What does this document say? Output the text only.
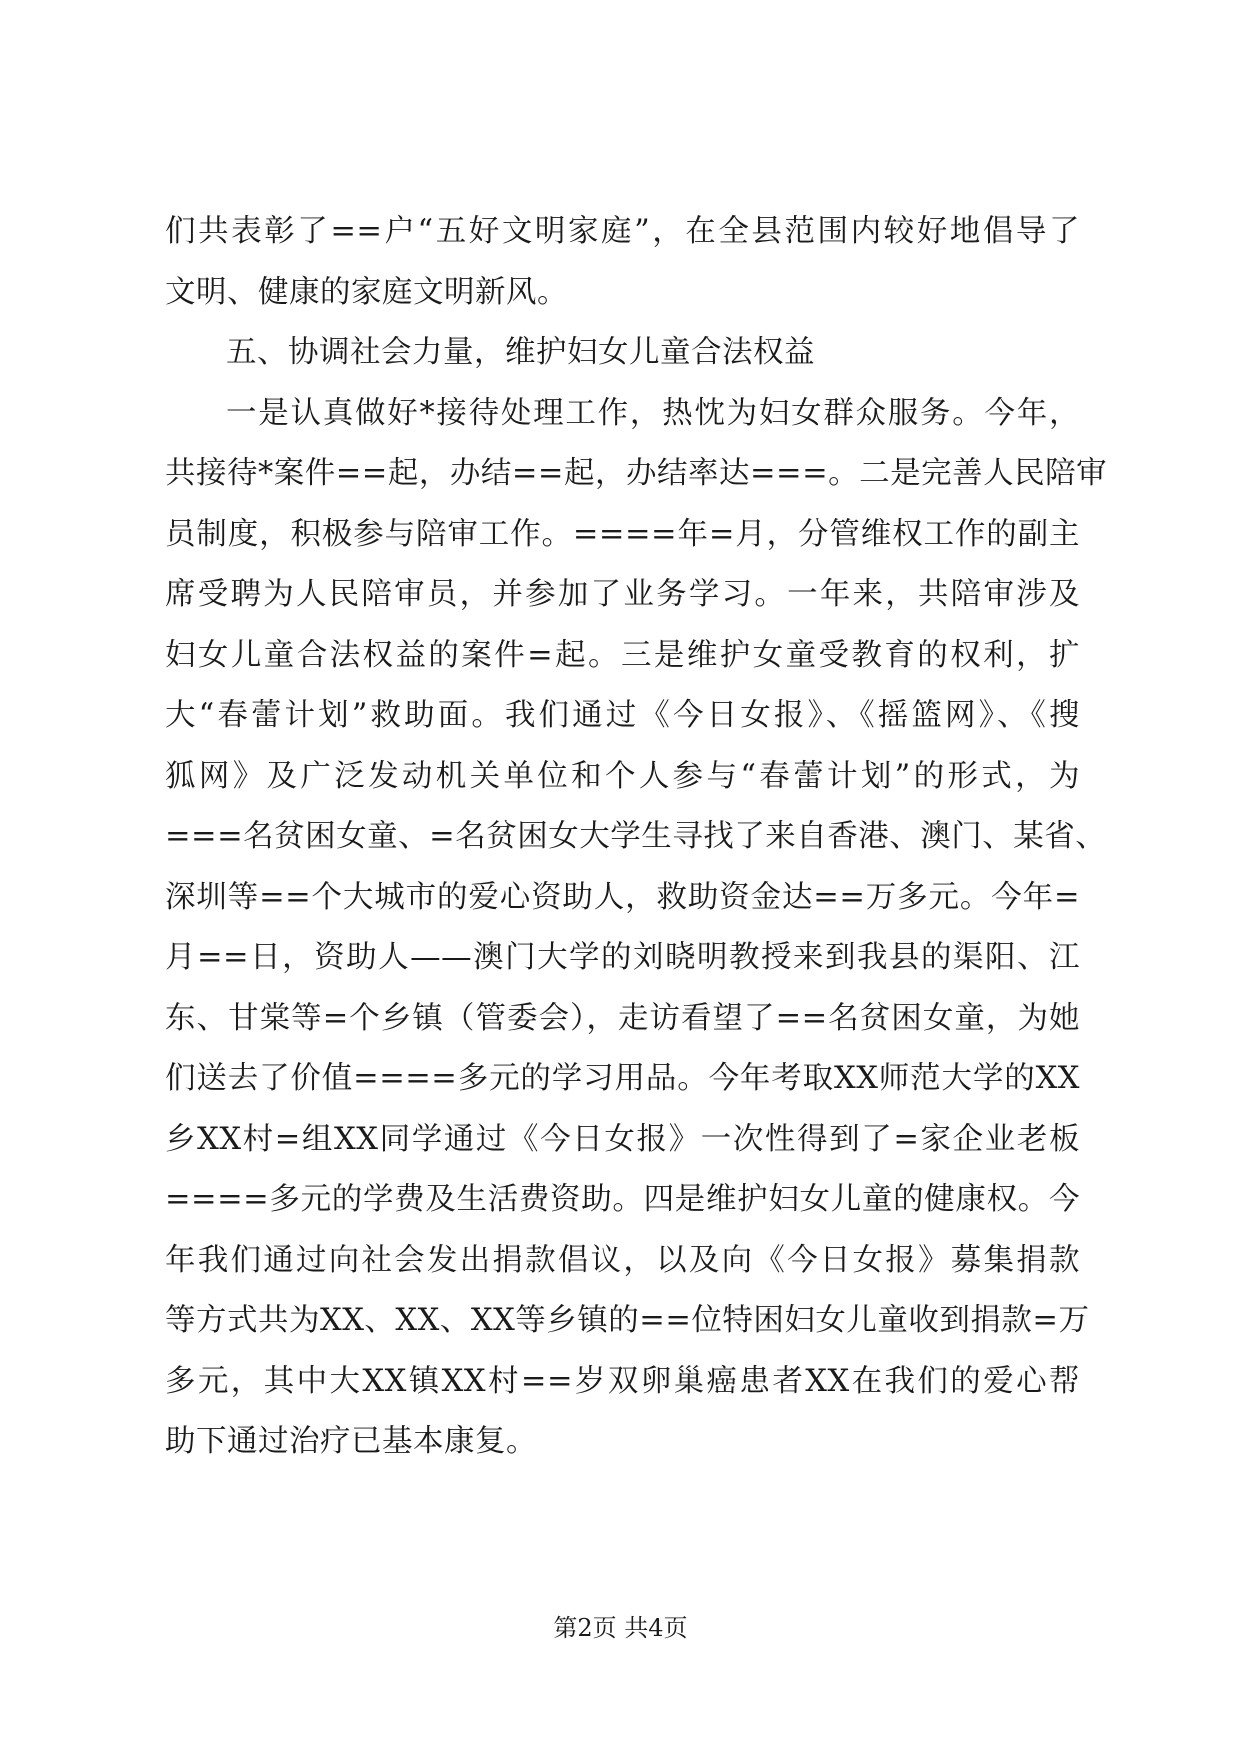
们共表彰了==户“五好文明家庭”，在全县范围内较好地倡导了
文明、健康的家庭文明新风。
五、协调社会力量，维护妇女儿童合法权益
一是认真做好*接待处理工作，热忱为妇女群众服务。今年，
共接待*案件==起，办结==起，办结率达===。二是完善人民陪审
员制度，积极参与陪审工作。====年=月，分管维权工作的副主
席受聘为人民陪审员，并参加了业务学习。一年来，共陪审涉及
妇女儿童合法权益的案件=起。三是维护女童受教育的权利，扩
大“春蕾计划”救助面。我们通过《今日女报》、《摇篮网》、《搜
狐网》及广泛发动机关单位和个人参与“春蕾计划”的形式，为
===名贫困女童、=名贫困女大学生寻找了来自香港、澳门、某省、
深圳等==个大城市的爱心资助人，救助资金达==万多元。今年=
月==日，资助人——澳门大学的刘晓明教授来到我县的渠阳、江
东、甘棠等=个乡镇（管委会），走访看望了==名贫困女童，为她
们送去了价值====多元的学习用品。今年考取XX师范大学的XX
乡XX村=组XX同学通过《今日女报》一次性得到了=家企业老板
====多元的学费及生活费资助。四是维护妇女儿童的健康权。今
年我们通过向社会发出捐款倡议，以及向《今日女报》募集捐款
等方式共为XX、XX、XX等乡镇的==位特困妇女儿童收到捐款=万
多元，其中大XX镇XX村==岁双卵巢癌患者XX在我们的爱心帮
助下通过治疗已基本康复。
第2页 共4页
